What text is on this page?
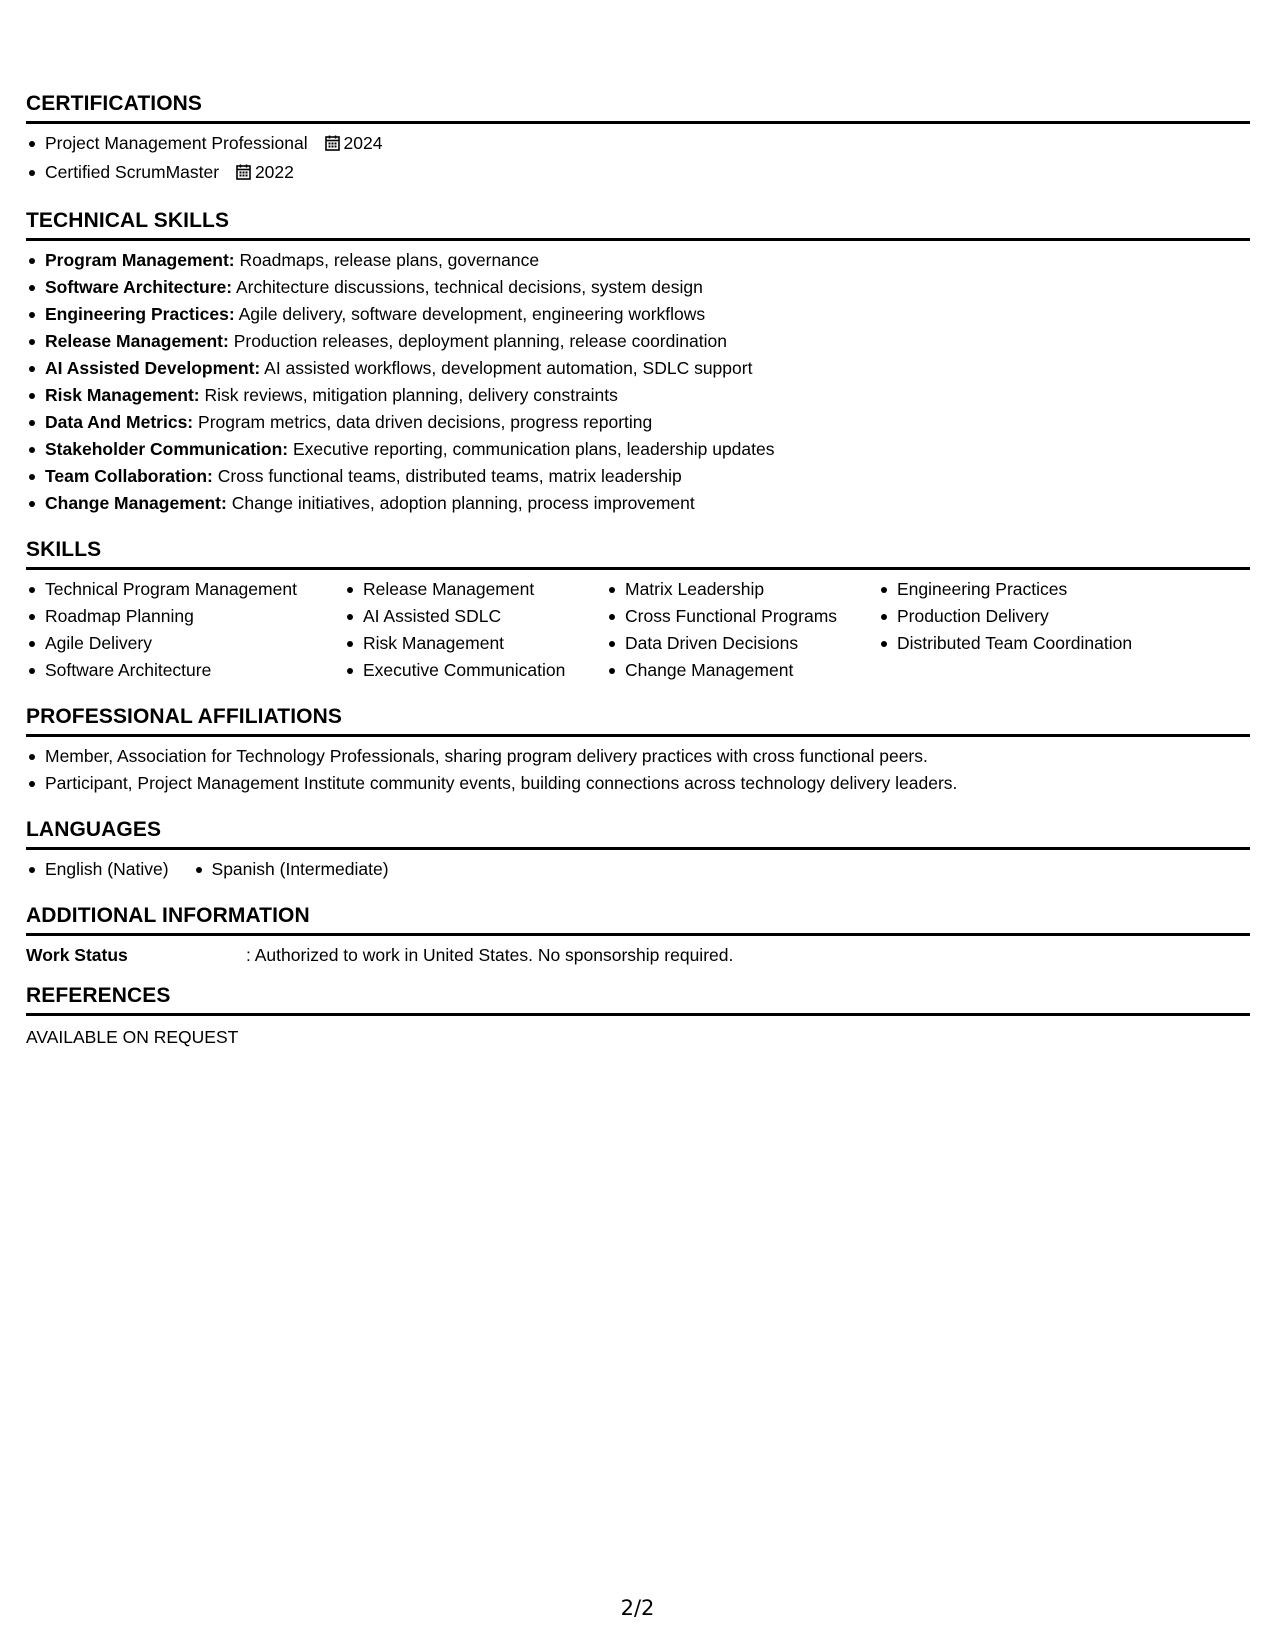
CERTIFICATIONS
Project Management Professional 2024
Certified ScrumMaster 2022
TECHNICAL SKILLS
Program Management: Roadmaps, release plans, governance
Software Architecture: Architecture discussions, technical decisions, system design
Engineering Practices: Agile delivery, software development, engineering workflows
Release Management: Production releases, deployment planning, release coordination
AI Assisted Development: AI assisted workflows, development automation, SDLC support
Risk Management: Risk reviews, mitigation planning, delivery constraints
Data And Metrics: Program metrics, data driven decisions, progress reporting
Stakeholder Communication: Executive reporting, communication plans, leadership updates
Team Collaboration: Cross functional teams, distributed teams, matrix leadership
Change Management: Change initiatives, adoption planning, process improvement
SKILLS
Technical Program Management
Roadmap Planning
Agile Delivery
Software Architecture
Release Management
AI Assisted SDLC
Risk Management
Executive Communication
Matrix Leadership
Cross Functional Programs
Data Driven Decisions
Change Management
Engineering Practices
Production Delivery
Distributed Team Coordination
PROFESSIONAL AFFILIATIONS
Member, Association for Technology Professionals, sharing program delivery practices with cross functional peers.
Participant, Project Management Institute community events, building connections across technology delivery leaders.
LANGUAGES
English (Native)	Spanish (Intermediate)
ADDITIONAL INFORMATION
Work Status	: Authorized to work in United States. No sponsorship required.
REFERENCES
AVAILABLE ON REQUEST
2/2
